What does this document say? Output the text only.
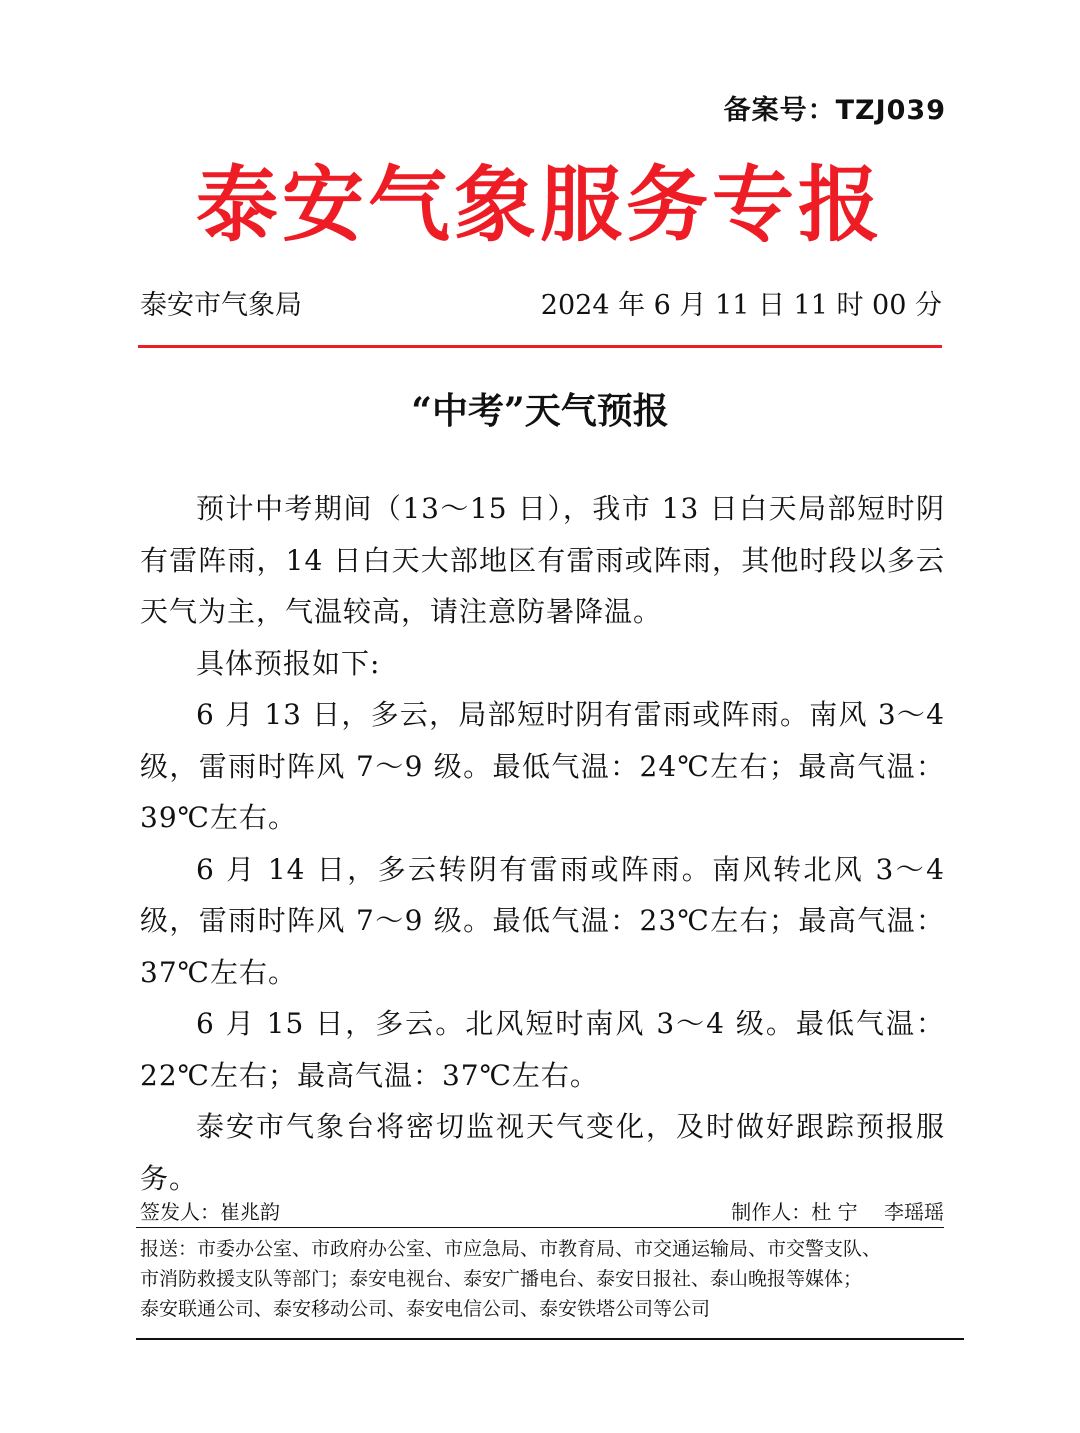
备案号：TZJ039
泰安气象服务专报
泰安市气象局	2024 年 6 月 11 日 11 时 00 分
“中考”天气预报

预计中考期间（13～15 日），我市 13 日白天局部短时阴有雷阵雨，14 日白天大部地区有雷雨或阵雨，其他时段以多云天气为主，气温较高，请注意防暑降温。

具体预报如下:

6 月 13 日，多云，局部短时阴有雷雨或阵雨。南风 3～4 级，雷雨时阵风 7～9 级。最低气温：24℃左右；最高气温：39℃左右。

6 月 14 日，多云转阴有雷雨或阵雨。南风转北风 3～4 级，雷雨时阵风 7～9 级。最低气温：23℃左右；最高气温：37℃左右。

6 月 15 日，多云。北风短时南风 3～4 级。最低气温：22℃左右；最高气温：37℃左右。

泰安市气象台将密切监视天气变化，及时做好跟踪预报服务。

签发人：崔兆韵	制作人：杜 宁　 李瑶瑶
报送：市委办公室、市政府办公室、市应急局、市教育局、市交通运输局、市交警支队、
市消防救援支队等部门；泰安电视台、泰安广播电台、泰安日报社、泰山晚报等媒体；
泰安联通公司、泰安移动公司、泰安电信公司、泰安铁塔公司等公司
